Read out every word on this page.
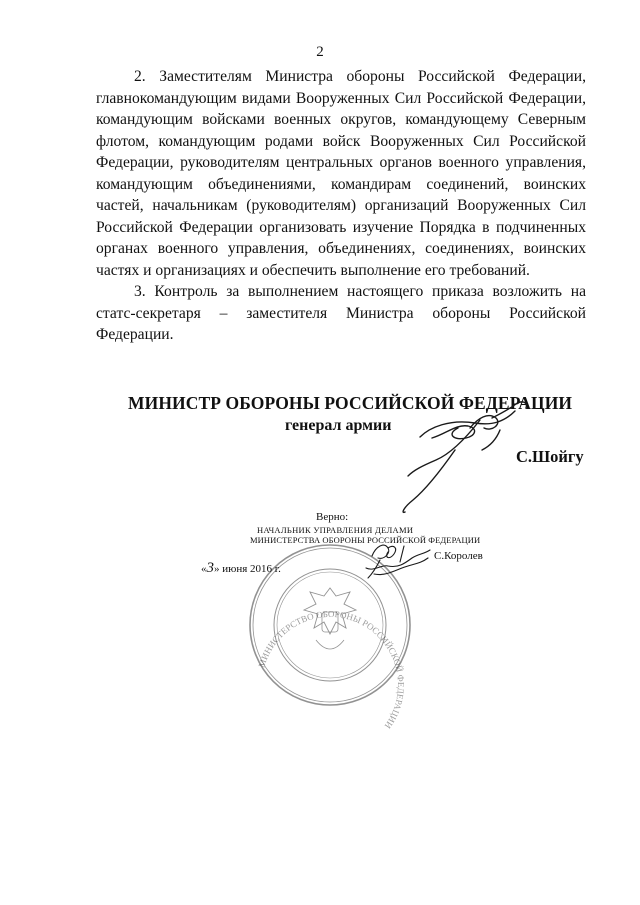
2

2. Заместителям Министра обороны Российской Федерации, главнокомандующим видами Вооруженных Сил Российской Федерации, командующим войсками военных округов, командующему Северным флотом, командующим родами войск Вооруженных Сил Российской Федерации, руководителям центральных органов военного управления, командующим объединениями, командирам соединений, воинских частей, начальникам (руководителям) организаций Вооруженных Сил Российской Федерации организовать изучение Порядка в подчиненных органах военного управления, объединениях, соединениях, воинских частях и организациях и обеспечить выполнение его требований.

3. Контроль за выполнением настоящего приказа возложить на статс-секретаря – заместителя Министра обороны Российской Федерации.

МИНИСТР ОБОРОНЫ РОССИЙСКОЙ ФЕДЕРАЦИИ
генерал армии
С.Шойгу
МИНИСТЕРСТВО ОБОРОНЫ РОССИЙСКОЙ ФЕДЕРАЦИИ
Верно:
НАЧАЛЬНИК УПРАВЛЕНИЯ ДЕЛАМИ
МИНИСТЕРСТВА ОБОРОНЫ РОССИЙСКОЙ ФЕДЕРАЦИИ
«3» июня 2016 г.
С.Королев
